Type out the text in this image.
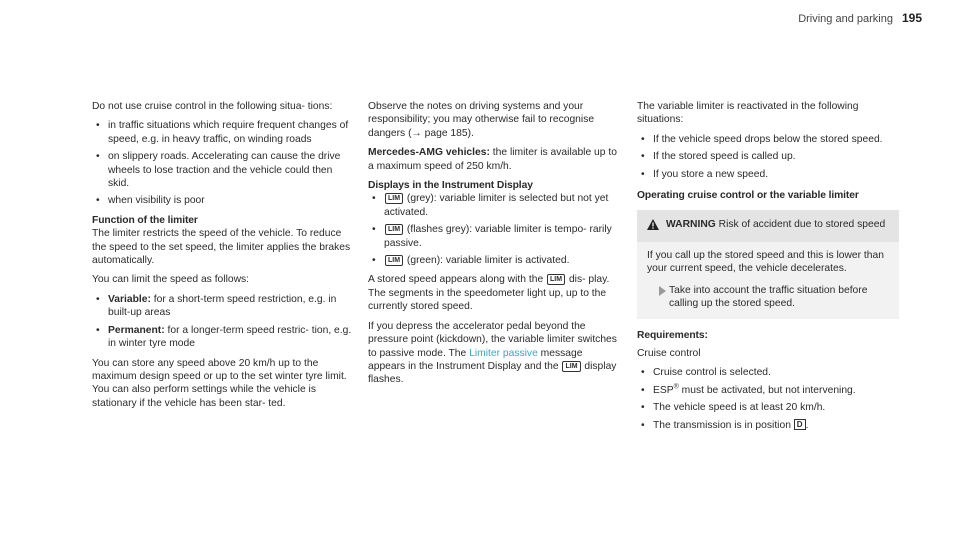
Driving and parking 195

Do not use cruise control in the following situa- tions:

• in traffic situations which require frequent changes of speed, e.g. in heavy traffic, on winding roads
• on slippery roads. Accelerating can cause the drive wheels to lose traction and the vehicle could then skid.
• when visibility is poor
Function of the limiter

The limiter restricts the speed of the vehicle. To reduce the speed to the set speed, the limiter applies the brakes automatically.

You can limit the speed as follows:

• Variable: for a short-term speed restriction, e.g. in built-up areas
• Permanent: for a longer-term speed restric- tion, e.g. in winter tyre mode

You can store any speed above 20 km/h up to the maximum design speed or up to the set winter tyre limit. You can also perform settings while the vehicle is stationary if the vehicle has been star- ted.

Observe the notes on driving systems and your responsibility; you may otherwise fail to recognise dangers (→ page 185).

Mercedes-AMG vehicles: the limiter is available up to a maximum speed of 250 km/h.

Displays in the Instrument Display
• LIM (grey): variable limiter is selected but not yet activated.
• LIM (flashes grey): variable limiter is tempo- rarily passive.
• LIM (green): variable limiter is activated.

A stored speed appears along with the LIM dis- play. The segments in the speedometer light up, up to the currently stored speed.

If you depress the accelerator pedal beyond the pressure point (kickdown), the variable limiter switches to passive mode. The Limiter passive message appears in the Instrument Display and the LIM display flashes.

The variable limiter is reactivated in the following situations:

• If the vehicle speed drops below the stored speed.
• If the stored speed is called up.
• If you store a new speed.
Operating cruise control or the variable limiter
WARNING Risk of accident due to stored speed

If you call up the stored speed and this is lower than your current speed, the vehicle decelerates.

Take into account the traffic situation before calling up the stored speed.
Requirements:

Cruise control

• Cruise control is selected.
• ESP® must be activated, but not intervening.
• The vehicle speed is at least 20 km/h.
• The transmission is in position D .
